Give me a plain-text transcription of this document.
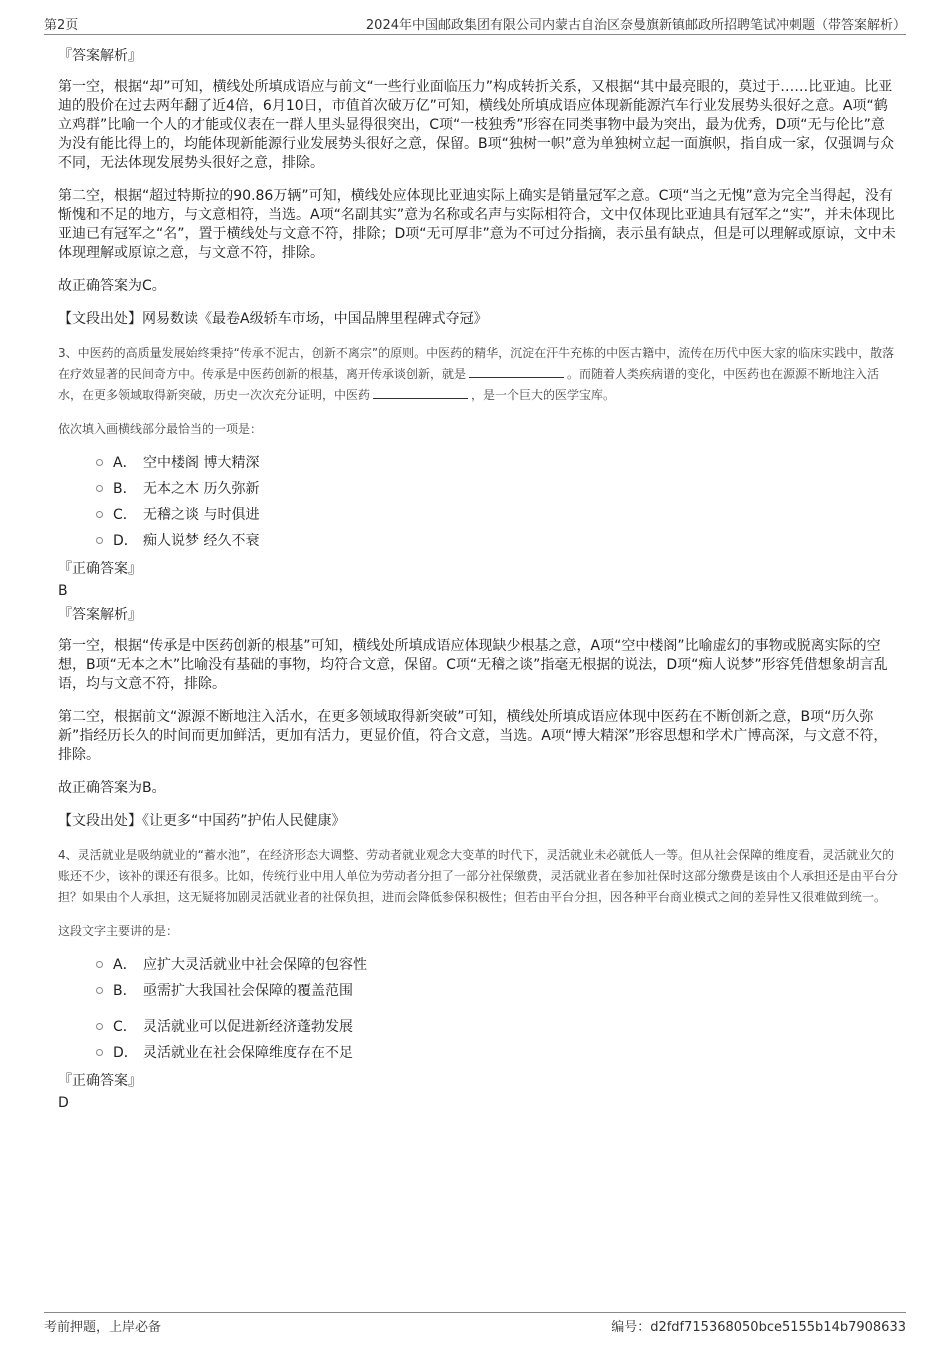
第2页	2024年中国邮政集团有限公司内蒙古自治区奈曼旗新镇邮政所招聘笔试冲刺题（带答案解析）
『答案解析』

第一空，根据“却”可知，横线处所填成语应与前文“一些行业面临压力”构成转折关系，又根据“其中最亮眼的，莫过于……比亚迪。比亚迪的股价在过去两年翻了近4倍，6月10日，市值首次破万亿”可知，横线处所填成语应体现新能源汽车行业发展势头很好之意。A项“鹤立鸡群”比喻一个人的才能或仪表在一群人里头显得很突出，C项“一枝独秀”形容在同类事物中最为突出，最为优秀，D项“无与伦比”意为没有能比得上的，均能体现新能源行业发展势头很好之意，保留。B项“独树一帜”意为单独树立起一面旗帜，指自成一家，仅强调与众不同，无法体现发展势头很好之意，排除。

第二空，根据“超过特斯拉的90.86万辆”可知，横线处应体现比亚迪实际上确实是销量冠军之意。C项“当之无愧”意为完全当得起，没有惭愧和不足的地方，与文意相符，当选。A项“名副其实”意为名称或名声与实际相符合，文中仅体现比亚迪具有冠军之“实”，并未体现比亚迪已有冠军之“名”，置于横线处与文意不符，排除；D项“无可厚非”意为不可过分指摘，表示虽有缺点，但是可以理解或原谅，文中未体现理解或原谅之意，与文意不符，排除。

故正确答案为C。

【文段出处】网易数读《最卷A级轿车市场，中国品牌里程碑式夺冠》

3、中医药的高质量发展始终秉持“传承不泥古，创新不离宗”的原则。中医药的精华，沉淀在汗牛充栋的中医古籍中，流传在历代中医大家的临床实践中，散落在疗效显著的民间奇方中。传承是中医药创新的根基，离开传承谈创新，就是	。而随着人类疾病谱的变化，中医药也在源源不断地注入活水，在更多领域取得新突破，历史一次次充分证明，中医药	，是一个巨大的医学宝库。

依次填入画横线部分最恰当的一项是：
A． 空中楼阁 博大精深
B． 无本之木 历久弥新
C． 无稽之谈 与时俱进
D． 痴人说梦 经久不衰
『正确答案』
B
『答案解析』

第一空，根据“传承是中医药创新的根基”可知，横线处所填成语应体现缺少根基之意，A项“空中楼阁”比喻虚幻的事物或脱离实际的空想，B项“无本之木”比喻没有基础的事物，均符合文意，保留。C项“无稽之谈”指毫无根据的说法，D项“痴人说梦”形容凭借想象胡言乱语，均与文意不符，排除。

第二空，根据前文“源源不断地注入活水，在更多领域取得新突破”可知，横线处所填成语应体现中医药在不断创新之意，B项“历久弥新”指经历长久的时间而更加鲜活，更加有活力，更显价值，符合文意，当选。A项“博大精深”形容思想和学术广博高深，与文意不符，排除。

故正确答案为B。

【文段出处】《让更多“中国药”护佑人民健康》

4、灵活就业是吸纳就业的“蓄水池”，在经济形态大调整、劳动者就业观念大变革的时代下，灵活就业未必就低人一等。但从社会保障的维度看，灵活就业欠的账还不少，该补的课还有很多。比如，传统行业中用人单位为劳动者分担了一部分社保缴费，灵活就业者在参加社保时这部分缴费是该由个人承担还是由平台分担？如果由个人承担，这无疑将加剧灵活就业者的社保负担，进而会降低参保积极性；但若由平台分担，因各种平台商业模式之间的差异性又很难做到统一。

这段文字主要讲的是：
A． 应扩大灵活就业中社会保障的包容性
B． 亟需扩大我国社会保障的覆盖范围
C． 灵活就业可以促进新经济蓬勃发展
D． 灵活就业在社会保障维度存在不足
『正确答案』
D
考前押题，上岸必备	编号：d2fdf715368050bce5155b14b7908633
